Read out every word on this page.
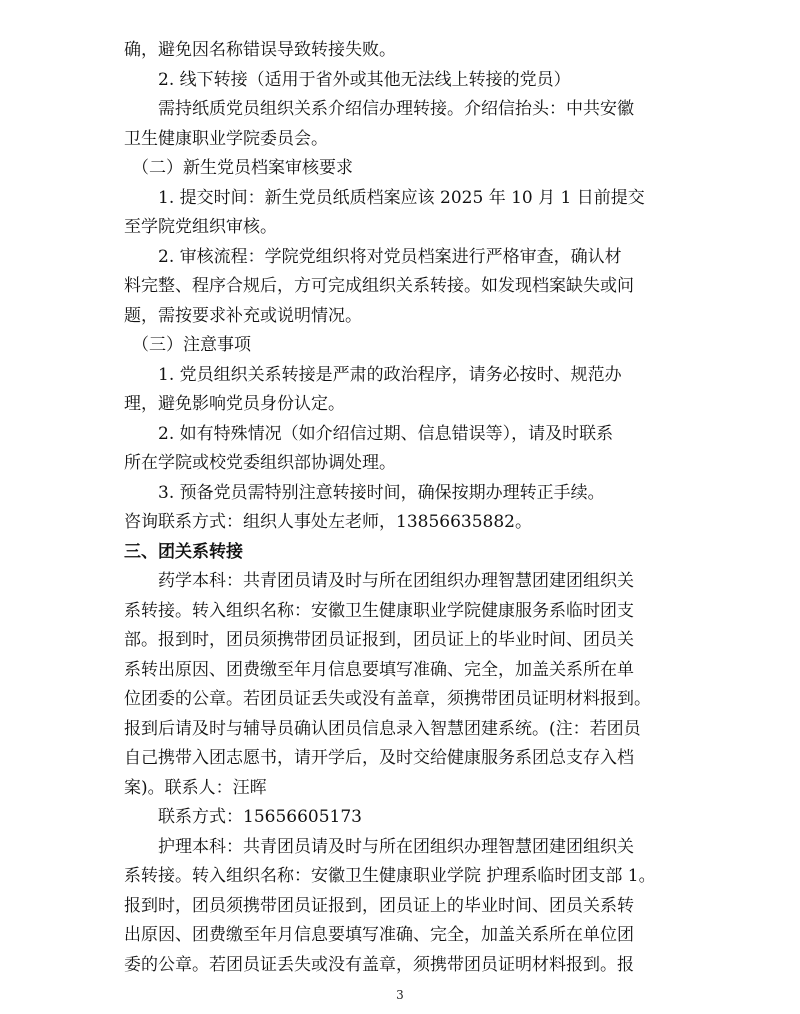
确，避免因名称错误导致转接失败。
2. 线下转接（适用于省外或其他无法线上转接的党员）
需持纸质党员组织关系介绍信办理转接。介绍信抬头：中共安徽
卫生健康职业学院委员会。
（二）新生党员档案审核要求
1. 提交时间：新生党员纸质档案应该 2025 年 10 月 1 日前提交
至学院党组织审核。
2. 审核流程：学院党组织将对党员档案进行严格审查，确认材
料完整、程序合规后，方可完成组织关系转接。如发现档案缺失或问
题，需按要求补充或说明情况。
（三）注意事项
1. 党员组织关系转接是严肃的政治程序，请务必按时、规范办
理，避免影响党员身份认定。
2. 如有特殊情况（如介绍信过期、信息错误等），请及时联系
所在学院或校党委组织部协调处理。
3. 预备党员需特别注意转接时间，确保按期办理转正手续。
咨询联系方式：组织人事处左老师，13856635882。
三、团关系转接
药学本科：共青团员请及时与所在团组织办理智慧团建团组织关
系转接。转入组织名称：安徽卫生健康职业学院健康服务系临时团支
部。报到时，团员须携带团员证报到，团员证上的毕业时间、团员关
系转出原因、团费缴至年月信息要填写准确、完全，加盖关系所在单
位团委的公章。若团员证丢失或没有盖章，须携带团员证明材料报到。
报到后请及时与辅导员确认团员信息录入智慧团建系统。(注：若团员
自己携带入团志愿书，请开学后，及时交给健康服务系团总支存入档
案)。联系人：汪晖
联系方式：15656605173
护理本科：共青团员请及时与所在团组织办理智慧团建团组织关
系转接。转入组织名称：安徽卫生健康职业学院 护理系临时团支部 1。
报到时，团员须携带团员证报到，团员证上的毕业时间、团员关系转
出原因、团费缴至年月信息要填写准确、完全，加盖关系所在单位团
委的公章。若团员证丢失或没有盖章，须携带团员证明材料报到。报
3
